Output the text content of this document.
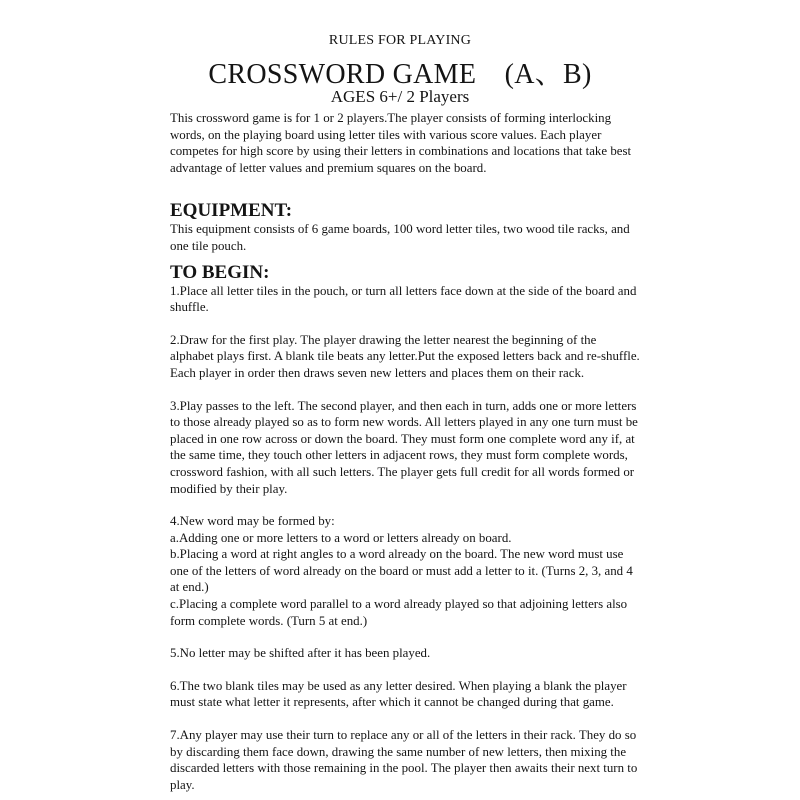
RULES FOR PLAYING
CROSSWORD GAME　(A、B)
AGES 6+/ 2 Players

This crossword game is for 1 or 2 players.The player consists of forming interlocking words, on the playing board using letter tiles with various score values. Each player competes for high score by using their letters in combinations and locations that take best advantage of letter values and premium squares on the board.

EQUIPMENT:

This equipment consists of 6 game boards, 100 word letter tiles, two wood tile racks, and one tile pouch.

TO BEGIN:

1.Place all letter tiles in the pouch, or turn all letters face down at the side of the board and shuffle.

2.Draw for the first play. The player drawing the letter nearest the beginning of the alphabet plays first. A blank tile beats any letter.Put the exposed letters back and re-shuffle. Each player in order then draws seven new letters and places them on their rack.

3.Play passes to the left. The second player, and then each in turn, adds one or more letters to those already played so as to form new words. All letters played in any one turn must be placed in one row across or down the board. They must form one complete word any if, at the same time, they touch other letters in adjacent rows, they must form complete words, crossword fashion, with all such letters. The player gets full credit for all words formed or modified by their play.

4.New word may be formed by:

a.Adding one or more letters to a word or letters already on board.

b.Placing a word at right angles to a word already on the board. The new word must use one of the letters of word already on the board or must add a letter to it. (Turns 2, 3, and 4 at end.)

c.Placing a complete word parallel to a word already played so that adjoining letters also form complete words. (Turn 5 at end.)

5.No letter may be shifted after it has been played.

6.The two blank tiles may be used as any letter desired. When playing a blank the player must state what letter it represents, after which it cannot be changed during that game.

7.Any player may use their turn to replace any or all of the letters in their rack. They do so by discarding them face down, drawing the same number of new letters, then mixing the discarded letters with those remaining in the pool. The player then awaits their next turn to play.
